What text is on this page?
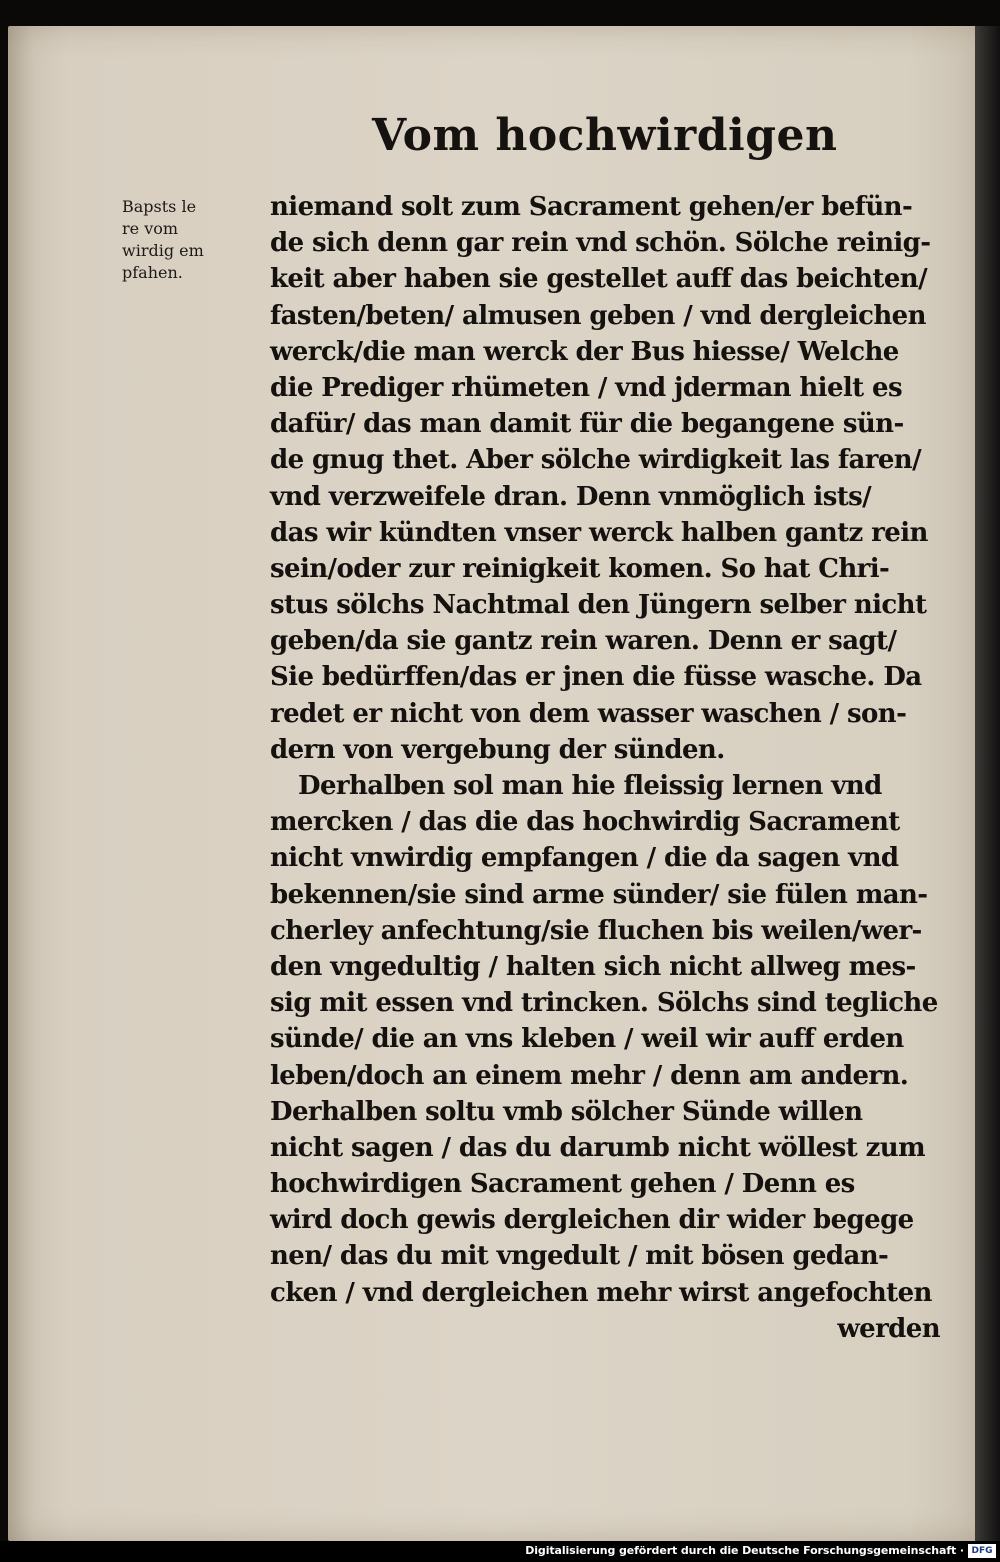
Vom hochwirdigen
Bapsts le
re vom
wirdig em
pfahen.
niemand solt zum Sacrament gehen/er befün-
de sich denn gar rein vnd schön. Sölche reinig-
keit aber haben sie gestellet auff das beichten/
fasten/beten/ almusen geben / vnd dergleichen
werck/die man werck der Bus hiesse/ Welche
die Prediger rhümeten / vnd jderman hielt es
dafür/ das man damit für die begangene sün-
de gnug thet. Aber sölche wirdigkeit las faren/
vnd verzweifele dran. Denn vnmöglich ists/
das wir kündten vnser werck halben gantz rein
sein/oder zur reinigkeit komen. So hat Chri-
stus sölchs Nachtmal den Jüngern selber nicht
geben/da sie gantz rein waren. Denn er sagt/
Sie bedürffen/das er jnen die füsse wasche. Da
redet er nicht von dem wasser waschen / son-
dern von vergebung der sünden.
Derhalben sol man hie fleissig lernen vnd
mercken / das die das hochwirdig Sacrament
nicht vnwirdig empfangen / die da sagen vnd
bekennen/sie sind arme sünder/ sie fülen man-
cherley anfechtung/sie fluchen bis weilen/wer-
den vngedultig / halten sich nicht allweg mes-
sig mit essen vnd trincken. Sölchs sind tegliche
sünde/ die an vns kleben / weil wir auff erden
leben/doch an einem mehr / denn am andern.
Derhalben soltu vmb sölcher Sünde willen
nicht sagen / das du darumb nicht wöllest zum
hochwirdigen Sacrament gehen / Denn es
wird doch gewis dergleichen dir wider begege
nen/ das du mit vngedult / mit bösen gedan-
cken / vnd dergleichen mehr wirst angefochten
werden
Digitalisierung gefördert durch die Deutsche Forschungsgemeinschaft · DFG
